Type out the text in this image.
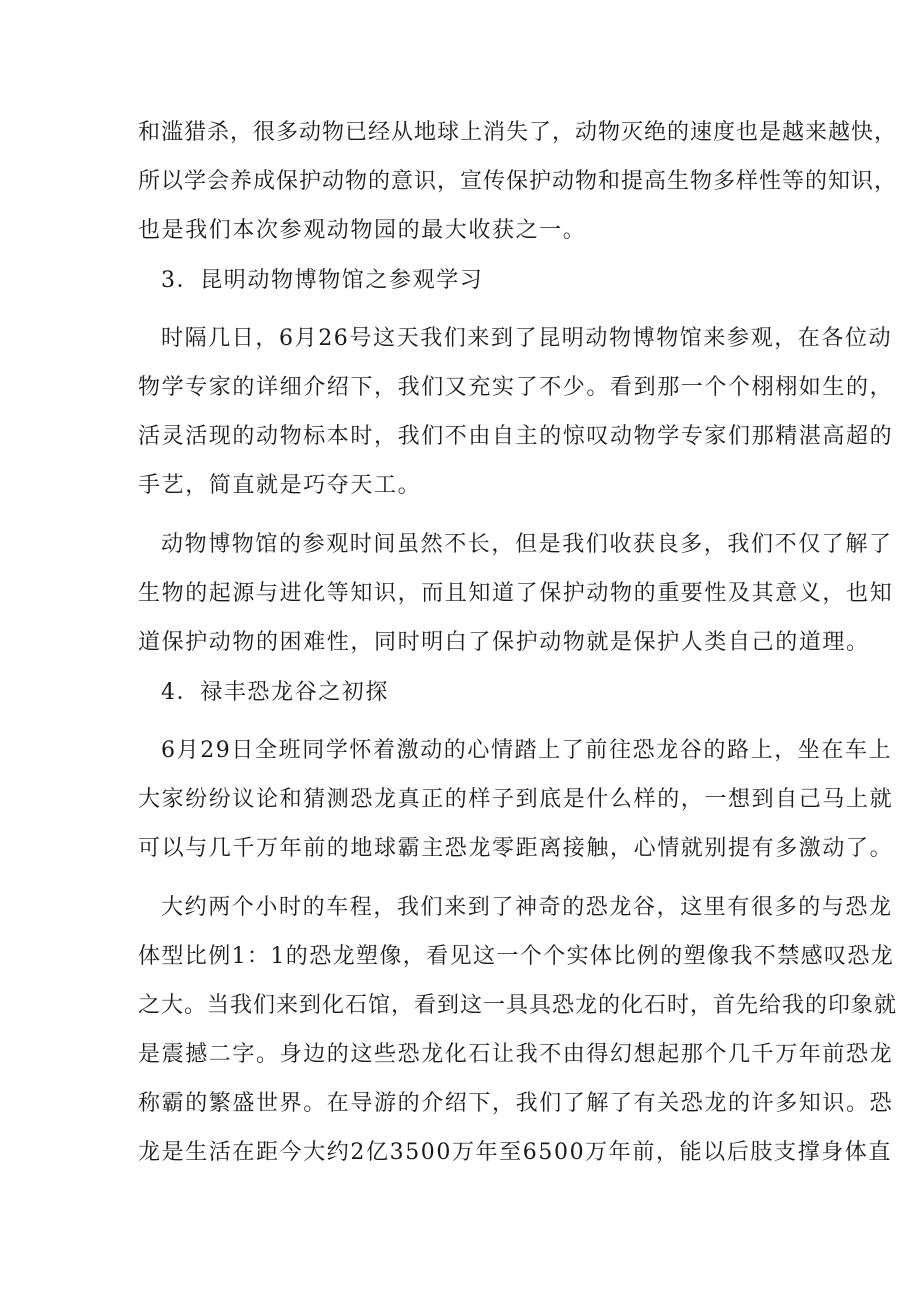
和滥猎杀，很多动物已经从地球上消失了，动物灭绝的速度也是越来越快，
所以学会养成保护动物的意识，宣传保护动物和提高生物多样性等的知识，
也是我们本次参观动物园的最大收获之一。
3．昆明动物博物馆之参观学习
时隔几日，6月26号这天我们来到了昆明动物博物馆来参观，在各位动
物学专家的详细介绍下，我们又充实了不少。看到那一个个栩栩如生的，
活灵活现的动物标本时，我们不由自主的惊叹动物学专家们那精湛高超的
手艺，简直就是巧夺天工。
动物博物馆的参观时间虽然不长，但是我们收获良多，我们不仅了解了
生物的起源与进化等知识，而且知道了保护动物的重要性及其意义，也知
道保护动物的困难性，同时明白了保护动物就是保护人类自己的道理。
4．禄丰恐龙谷之初探
6月29日全班同学怀着激动的心情踏上了前往恐龙谷的路上，坐在车上
大家纷纷议论和猜测恐龙真正的样子到底是什么样的，一想到自己马上就
可以与几千万年前的地球霸主恐龙零距离接触，心情就别提有多激动了。
大约两个小时的车程，我们来到了神奇的恐龙谷，这里有很多的与恐龙
体型比例1：1的恐龙塑像，看见这一个个实体比例的塑像我不禁感叹恐龙
之大。当我们来到化石馆，看到这一具具恐龙的化石时，首先给我的印象就
是震撼二字。身边的这些恐龙化石让我不由得幻想起那个几千万年前恐龙
称霸的繁盛世界。在导游的介绍下，我们了解了有关恐龙的许多知识。恐
龙是生活在距今大约2亿3500万年至6500万年前，能以后肢支撑身体直
